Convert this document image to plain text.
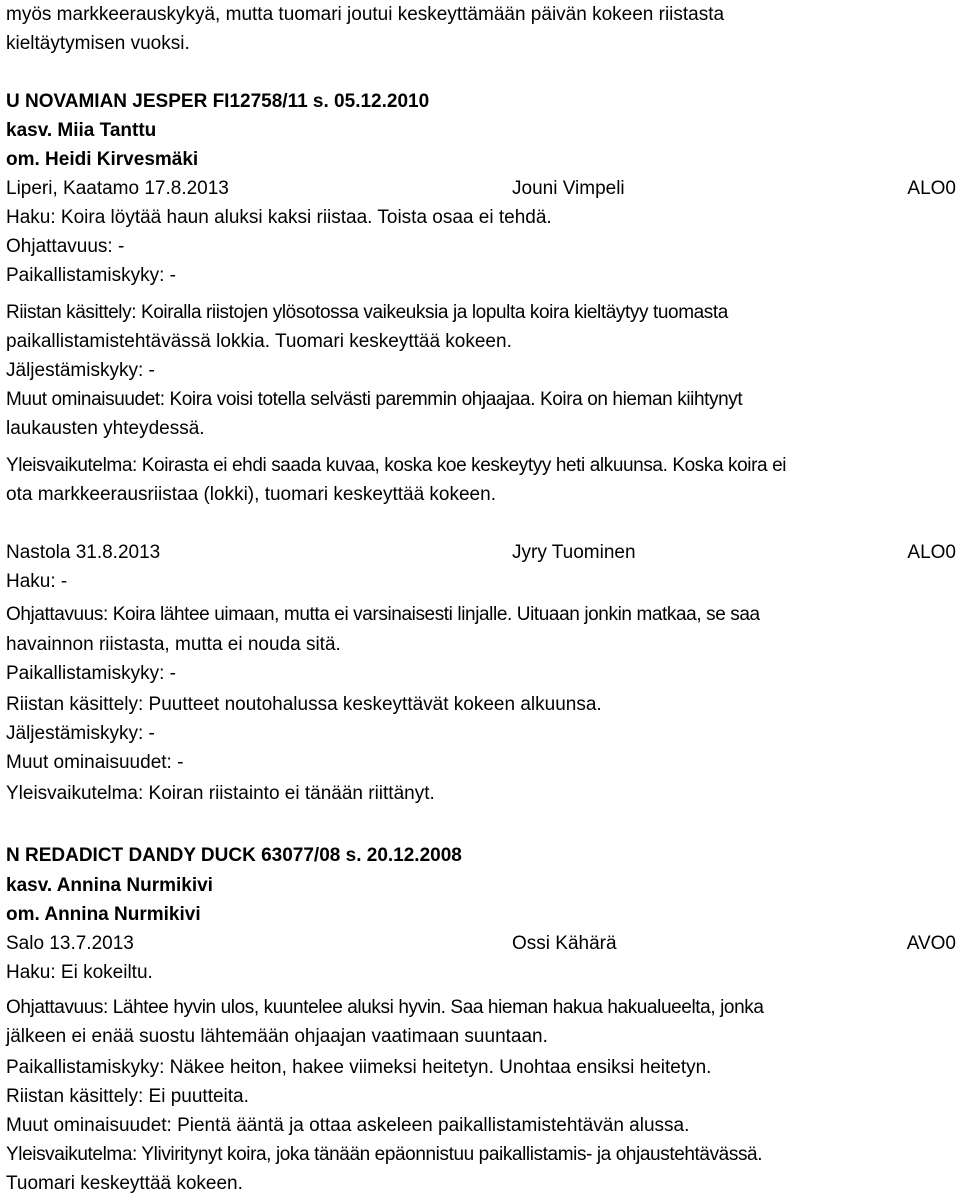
myös markkeerauskykyä, mutta tuomari joutui keskeyttämään päivän kokeen riistasta
kieltäytymisen vuoksi.
U NOVAMIAN JESPER FI12758/11 s. 05.12.2010
kasv. Miia Tanttu
om. Heidi Kirvesmäki
Liperi, Kaatamo 17.8.2013	Jouni Vimpeli	ALO0
Haku: Koira löytää haun aluksi kaksi riistaa. Toista osaa ei tehdä.
Ohjattavuus: -
Paikallistamiskyky: -
Riistan käsittely: Koiralla riistojen ylösotossa vaikeuksia ja lopulta koira kieltäytyy tuomasta
paikallistamistehtävässä lokkia. Tuomari keskeyttää kokeen.
Jäljestämiskyky: -
Muut ominaisuudet: Koira voisi totella selvästi paremmin ohjaajaa. Koira on hieman kiihtynyt
laukausten yhteydessä.
Yleisvaikutelma: Koirasta ei ehdi saada kuvaa, koska koe keskeytyy heti alkuunsa. Koska koira ei
ota markkeerausriistaa (lokki), tuomari keskeyttää kokeen.
Nastola 31.8.2013	Jyry Tuominen	ALO0
Haku: -
Ohjattavuus: Koira lähtee uimaan, mutta ei varsinaisesti linjalle. Uituaan jonkin matkaa, se saa
havainnon riistasta, mutta ei nouda sitä.
Paikallistamiskyky: -
Riistan käsittely: Puutteet noutohalussa keskeyttävät kokeen alkuunsa.
Jäljestämiskyky: -
Muut ominaisuudet: -
Yleisvaikutelma: Koiran riistainto ei tänään riittänyt.
N REDADICT DANDY DUCK 63077/08 s. 20.12.2008
kasv. Annina Nurmikivi
om. Annina Nurmikivi
Salo 13.7.2013	Ossi Kähärä	AVO0
Haku: Ei kokeiltu.
Ohjattavuus: Lähtee hyvin ulos, kuuntelee aluksi hyvin. Saa hieman hakua hakualueelta, jonka
jälkeen ei enää suostu lähtemään ohjaajan vaatimaan suuntaan.
Paikallistamiskyky: Näkee heiton, hakee viimeksi heitetyn. Unohtaa ensiksi heitetyn.
Riistan käsittely: Ei puutteita.
Muut ominaisuudet: Pientä ääntä ja ottaa askeleen paikallistamistehtävän alussa.
Yleisvaikutelma: Yliviritynyt koira, joka tänään epäonnistuu paikallistamis- ja ohjaustehtävässä.
Tuomari keskeyttää kokeen.
